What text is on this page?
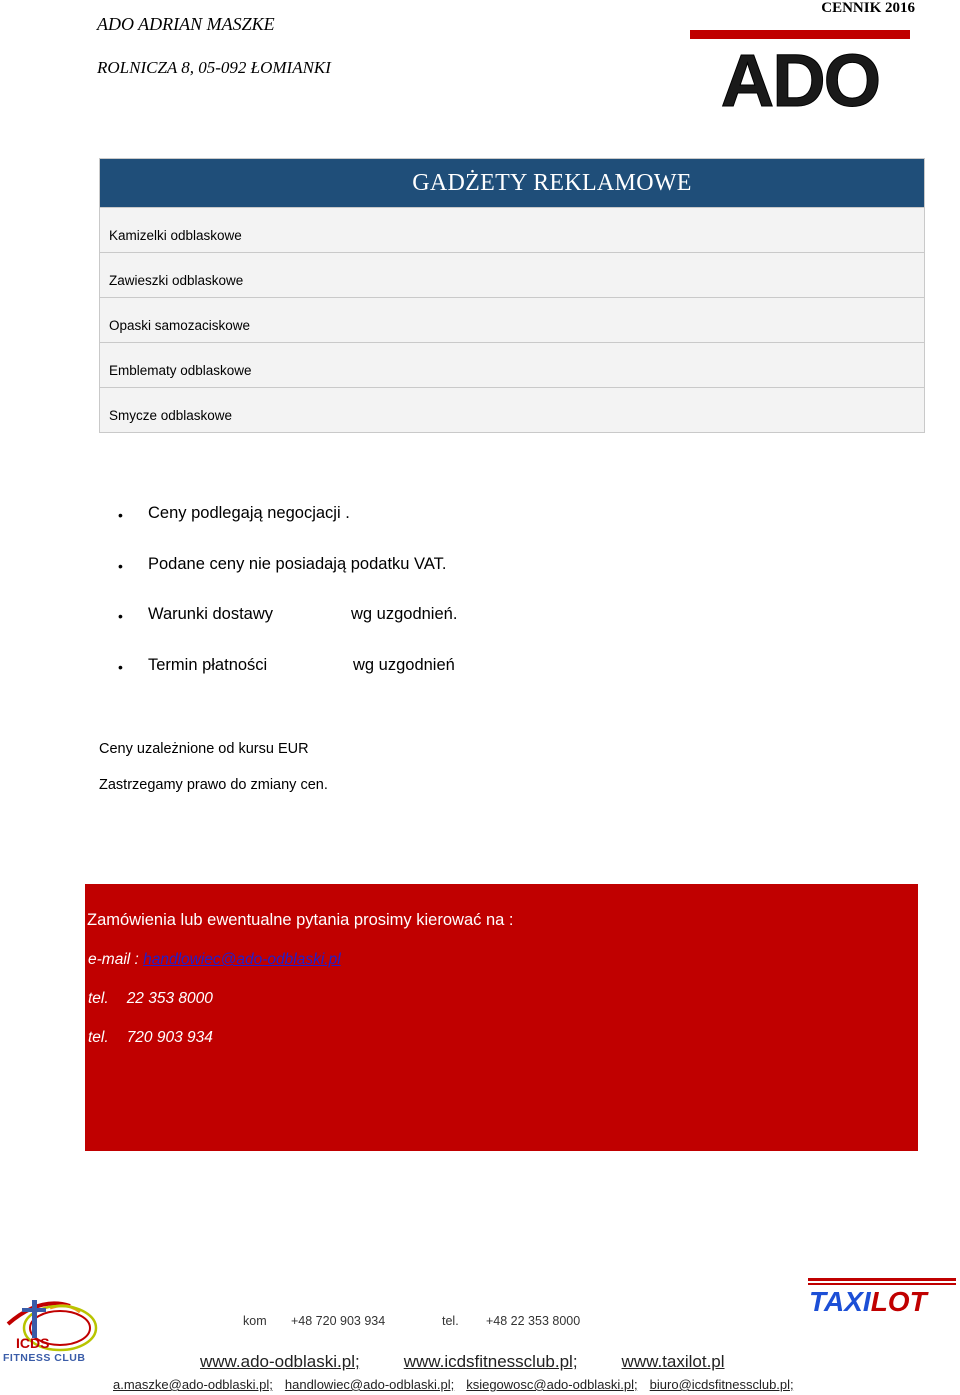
ADO ADRIAN MASZKE
ROLNICZA 8, 05-092 ŁOMIANKI
CENNIK 2016
ADO
GADŻETY REKLAMOWE
Kamizelki odblaskowe
Zawieszki odblaskowe
Opaski samozaciskowe
Emblematy odblaskowe
Smycze odblaskowe
•	Ceny podlegają negocjacji .
•	Podane ceny nie posiadają podatku VAT.
•	Warunki dostawy	wg uzgodnień.
•	Termin płatności	wg uzgodnień
Ceny uzależnione od kursu EUR
Zastrzegamy prawo do zmiany cen.
Zamówienia lub ewentualne pytania prosimy kierować na :
e-mail : handlowiec@ado-odblaski.pl
tel. 22 353 8000
tel. 720 903 934
ICDS
FITNESS CLUB
kom +48 720 903 934	tel. +48 22 353 8000
TAXILOT
www.ado-odblaski.pl;	www.icdsfitnessclub.pl;	www.taxilot.pl
a.maszke@ado-odblaski.pl; handlowiec@ado-odblaski.pl; ksiegowosc@ado-odblaski.pl; biuro@icdsfitnessclub.pl;
